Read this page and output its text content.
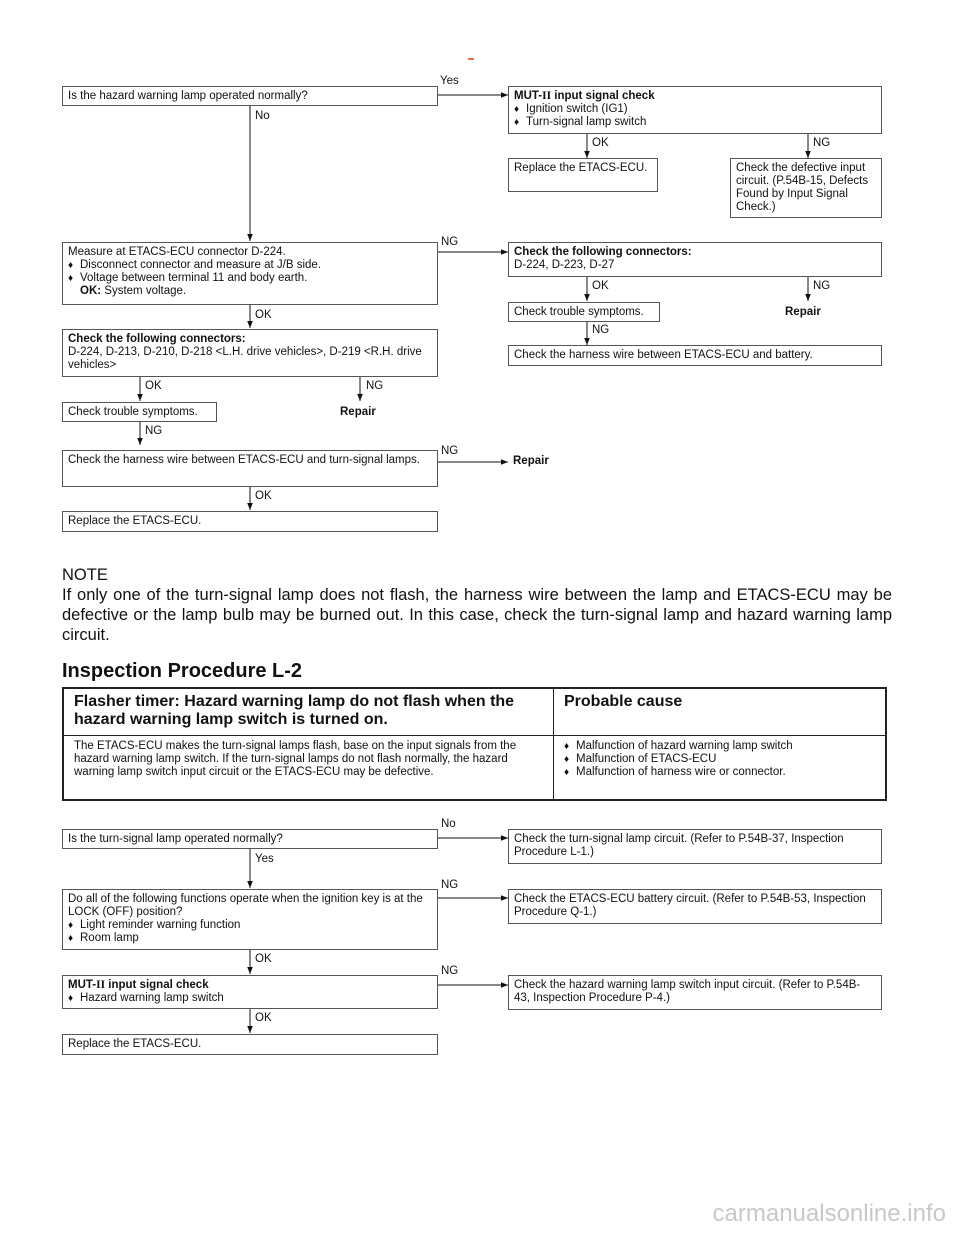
Is the hazard warning lamp operated normally?
Yes
No
MUT-II input signal check
♦ Ignition switch (IG1)
♦ Turn-signal lamp switch
OK	NG
Replace the ETACS-ECU.	Check the defective input circuit. (P.54B-15, Defects Found by Input Signal Check.)
Measure at ETACS-ECU connector D-224.
♦ Disconnect connector and measure at J/B side.
♦ Voltage between terminal 11 and body earth.
OK: System voltage.
NG
OK
Check the following connectors:
D-224, D-223, D-27
OK	NG
Check trouble symptoms.	Repair
NG
Check the harness wire between ETACS-ECU and battery.
Check the following connectors:
D-224, D-213, D-210, D-218 <L.H. drive vehicles>, D-219 <R.H. drive vehicles>
OK	NG
Check trouble symptoms.	Repair
NG
Check the harness wire between ETACS-ECU and turn-signal lamps.
NG
Repair
OK
Replace the ETACS-ECU.
NOTE
If only one of the turn-signal lamp does not flash, the harness wire between the lamp and ETACS-ECU may be defective or the lamp bulb may be burned out. In this case, check the turn-signal lamp and hazard warning lamp circuit.
Inspection Procedure L-2
Flasher timer: Hazard warning lamp do not flash when the hazard warning lamp switch is turned on.
Probable cause
The ETACS-ECU makes the turn-signal lamps flash, base on the input signals from the hazard warning lamp switch. If the turn-signal lamps do not flash normally, the hazard warning lamp switch input circuit or the ETACS-ECU may be defective.
♦ Malfunction of hazard warning lamp switch
♦ Malfunction of ETACS-ECU
♦ Malfunction of harness wire or connector.
Is the turn-signal lamp operated normally?
No
Yes
Check the turn-signal lamp circuit. (Refer to P.54B-37, Inspection Procedure L-1.)
Do all of the following functions operate when the ignition key is at the LOCK (OFF) position?
♦ Light reminder warning function
♦ Room lamp
NG
OK
Check the ETACS-ECU battery circuit. (Refer to P.54B-53, Inspection Procedure Q-1.)
MUT-II input signal check
♦ Hazard warning lamp switch
NG
OK
Check the hazard warning lamp switch input circuit. (Refer to P.54B-43, Inspection Procedure P-4.)
Replace the ETACS-ECU.
carmanualsonline.info
